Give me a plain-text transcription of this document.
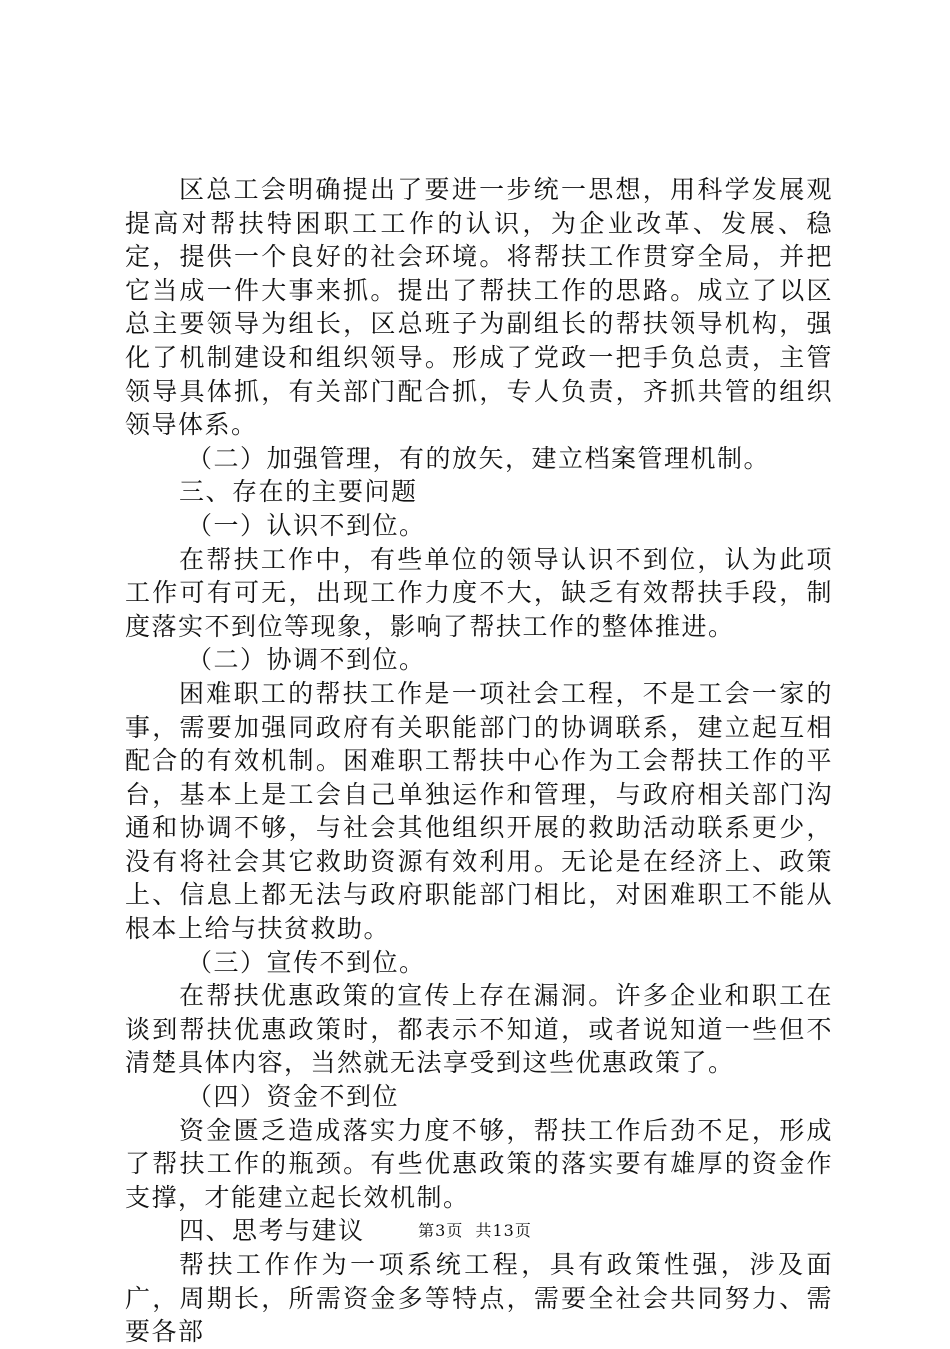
区总工会明确提出了要进一步统一思想，用科学发展观提高对帮扶特困职工工作的认识，为企业改革、发展、稳定，提供一个良好的社会环境。将帮扶工作贯穿全局，并把它当成一件大事来抓。提出了帮扶工作的思路。成立了以区总主要领导为组长，区总班子为副组长的帮扶领导机构，强化了机制建设和组织领导。形成了党政一把手负总责，主管领导具体抓，有关部门配合抓，专人负责，齐抓共管的组织领导体系。

（二）加强管理，有的放矢，建立档案管理机制。

三、存在的主要问题

（一）认识不到位。

在帮扶工作中，有些单位的领导认识不到位，认为此项工作可有可无，出现工作力度不大，缺乏有效帮扶手段，制度落实不到位等现象，影响了帮扶工作的整体推进。

（二）协调不到位。

困难职工的帮扶工作是一项社会工程，不是工会一家的事，需要加强同政府有关职能部门的协调联系，建立起互相配合的有效机制。困难职工帮扶中心作为工会帮扶工作的平台，基本上是工会自己单独运作和管理，与政府相关部门沟通和协调不够，与社会其他组织开展的救助活动联系更少，没有将社会其它救助资源有效利用。无论是在经济上、政策上、信息上都无法与政府职能部门相比，对困难职工不能从根本上给与扶贫救助。

（三）宣传不到位。

在帮扶优惠政策的宣传上存在漏洞。许多企业和职工在谈到帮扶优惠政策时，都表示不知道，或者说知道一些但不清楚具体内容，当然就无法享受到这些优惠政策了。

（四）资金不到位

资金匮乏造成落实力度不够，帮扶工作后劲不足，形成了帮扶工作的瓶颈。有些优惠政策的落实要有雄厚的资金作支撑，才能建立起长效机制。

四、思考与建议

帮扶工作作为一项系统工程，具有政策性强，涉及面广，周期长，所需资金多等特点，需要全社会共同努力、需要各部

第3页 共13页
